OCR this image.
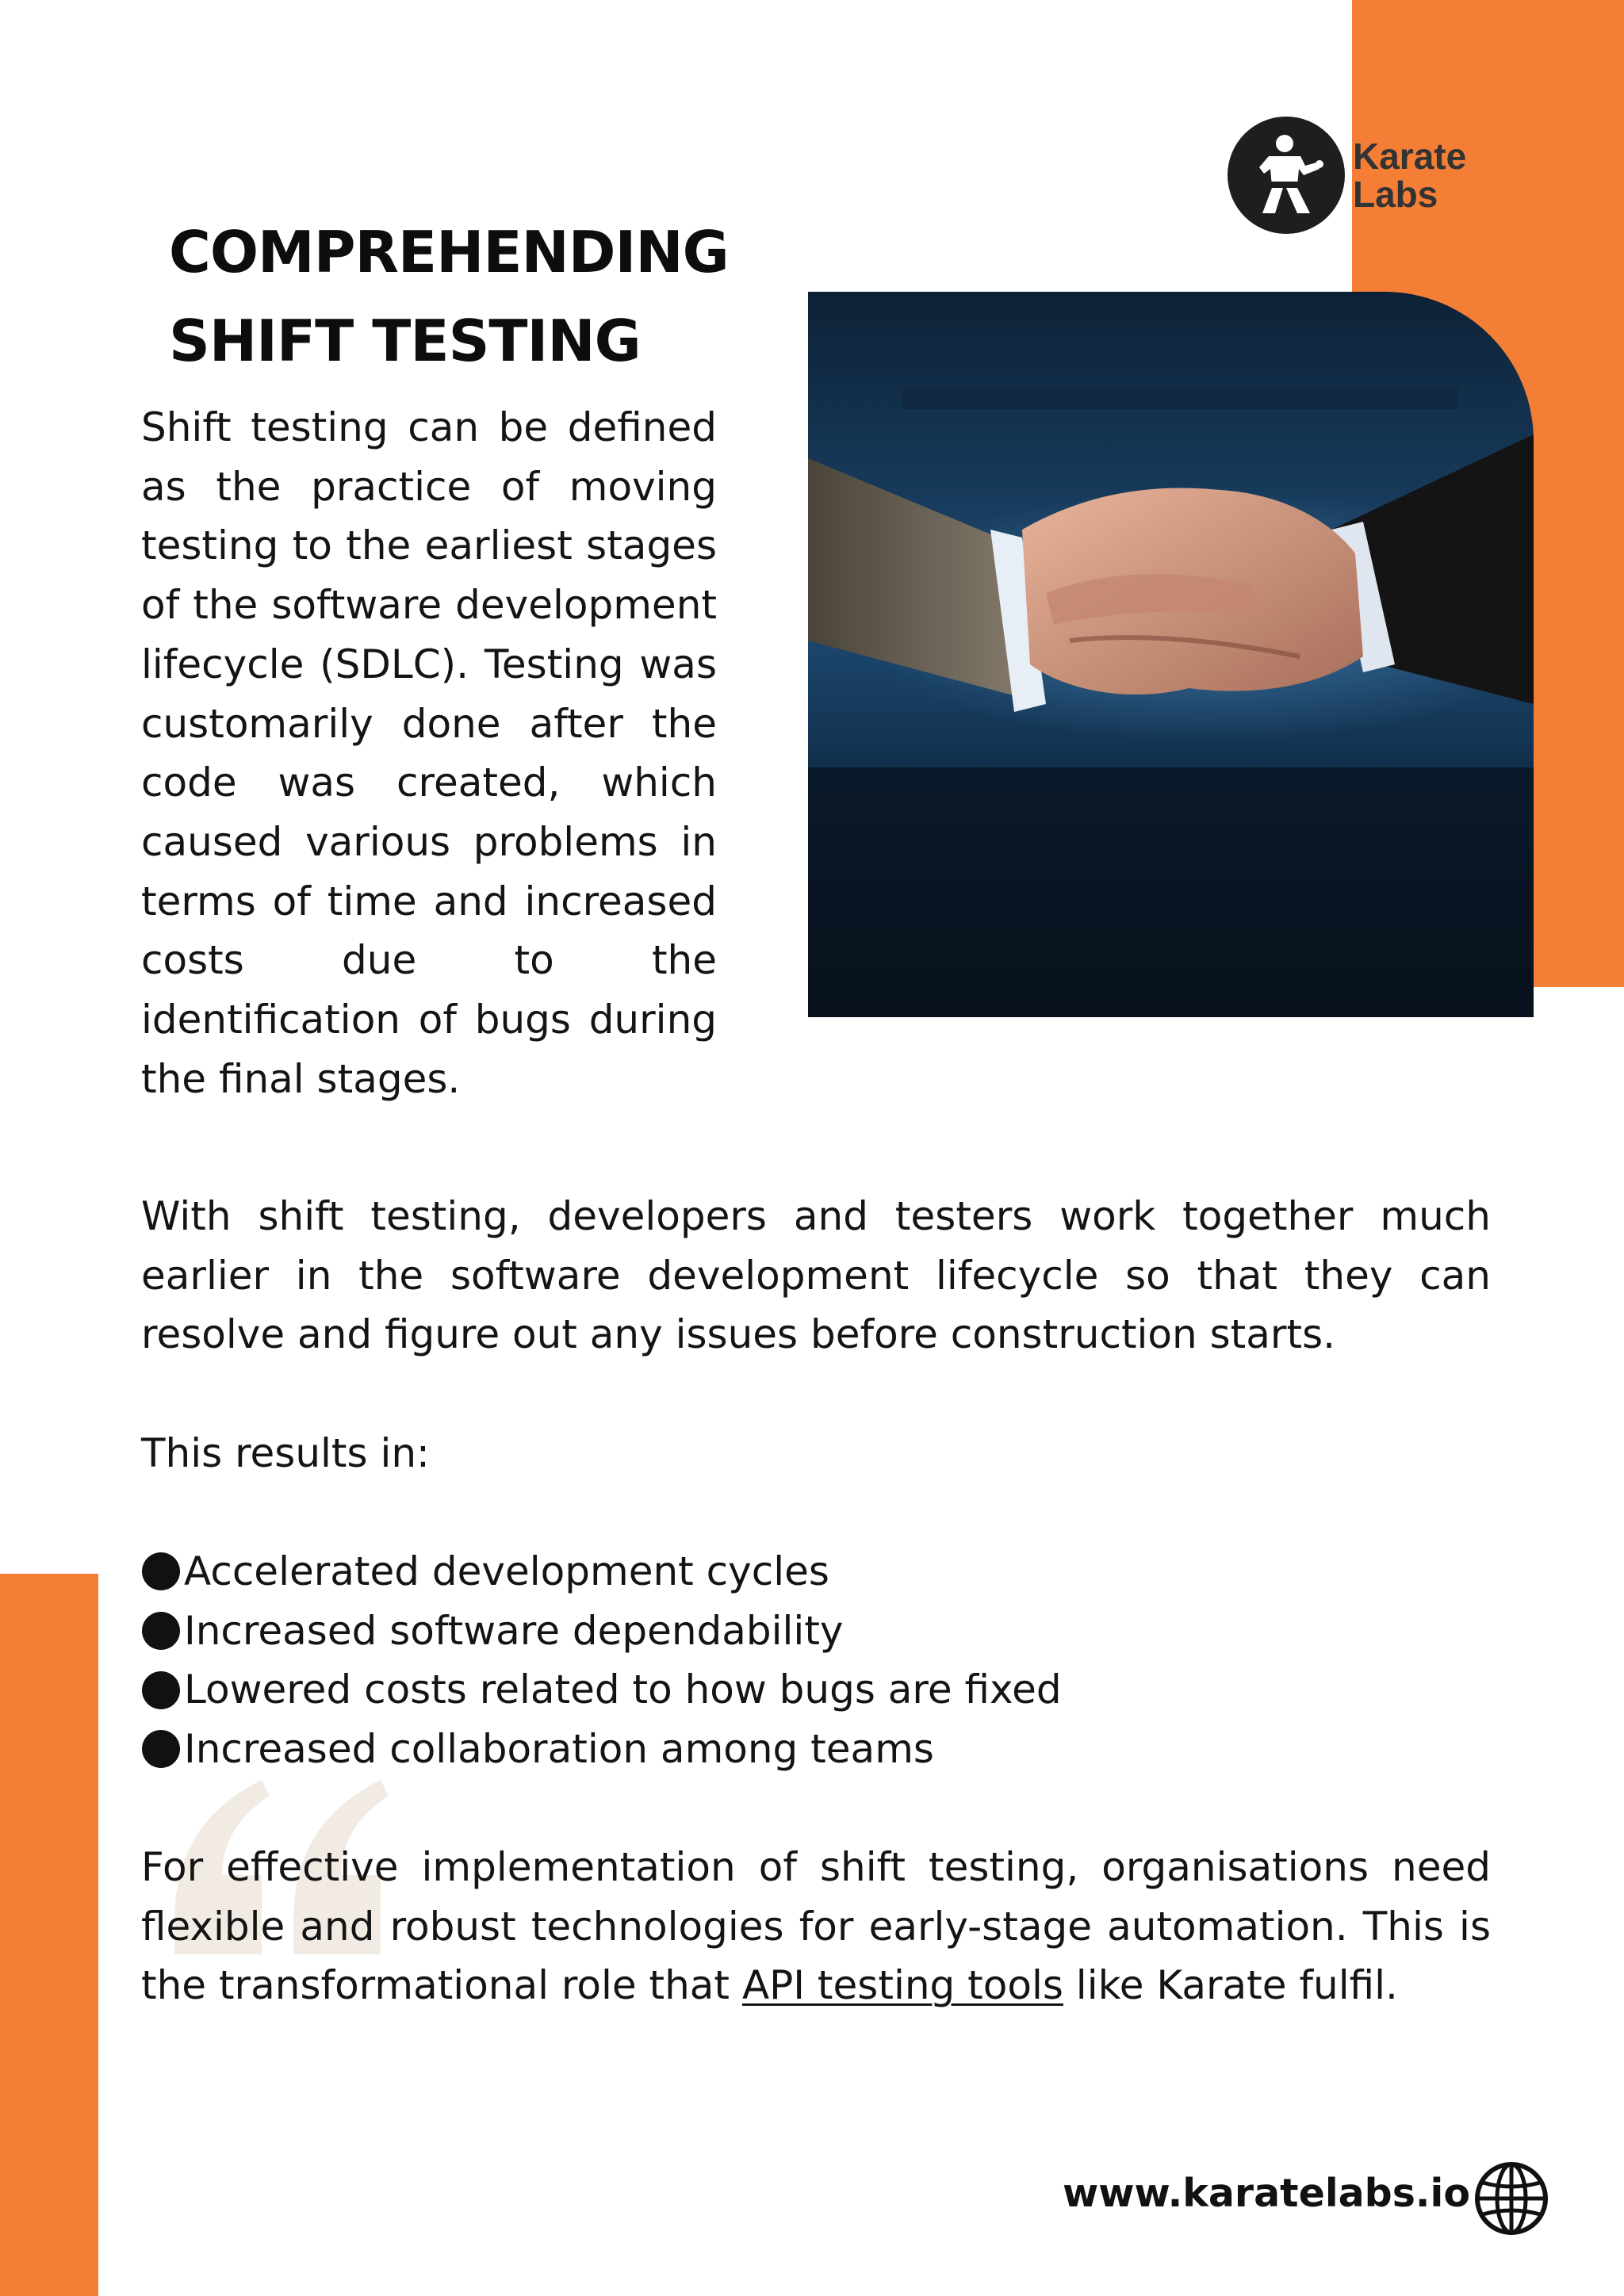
Karate
Labs
COMPREHENDING
SHIFT TESTING

Shift testing can be defined as the practice of moving testing to the earliest stages of the software development lifecycle (SDLC). Testing was customarily done after the code was created, which caused various problems in terms of time and increased costs due to the identification of bugs during the final stages.

With shift testing, developers and testers work together much earlier in the software development lifecycle so that they can resolve and figure out any issues before construction starts.

This results in:

Accelerated development cycles
Increased software dependability
Lowered costs related to how bugs are fixed
Increased collaboration among teams

For effective implementation of shift testing, organisations need flexible and robust technologies for early-stage automation. This is the transformational role that API testing tools like Karate fulfil.

www.karatelabs.io
